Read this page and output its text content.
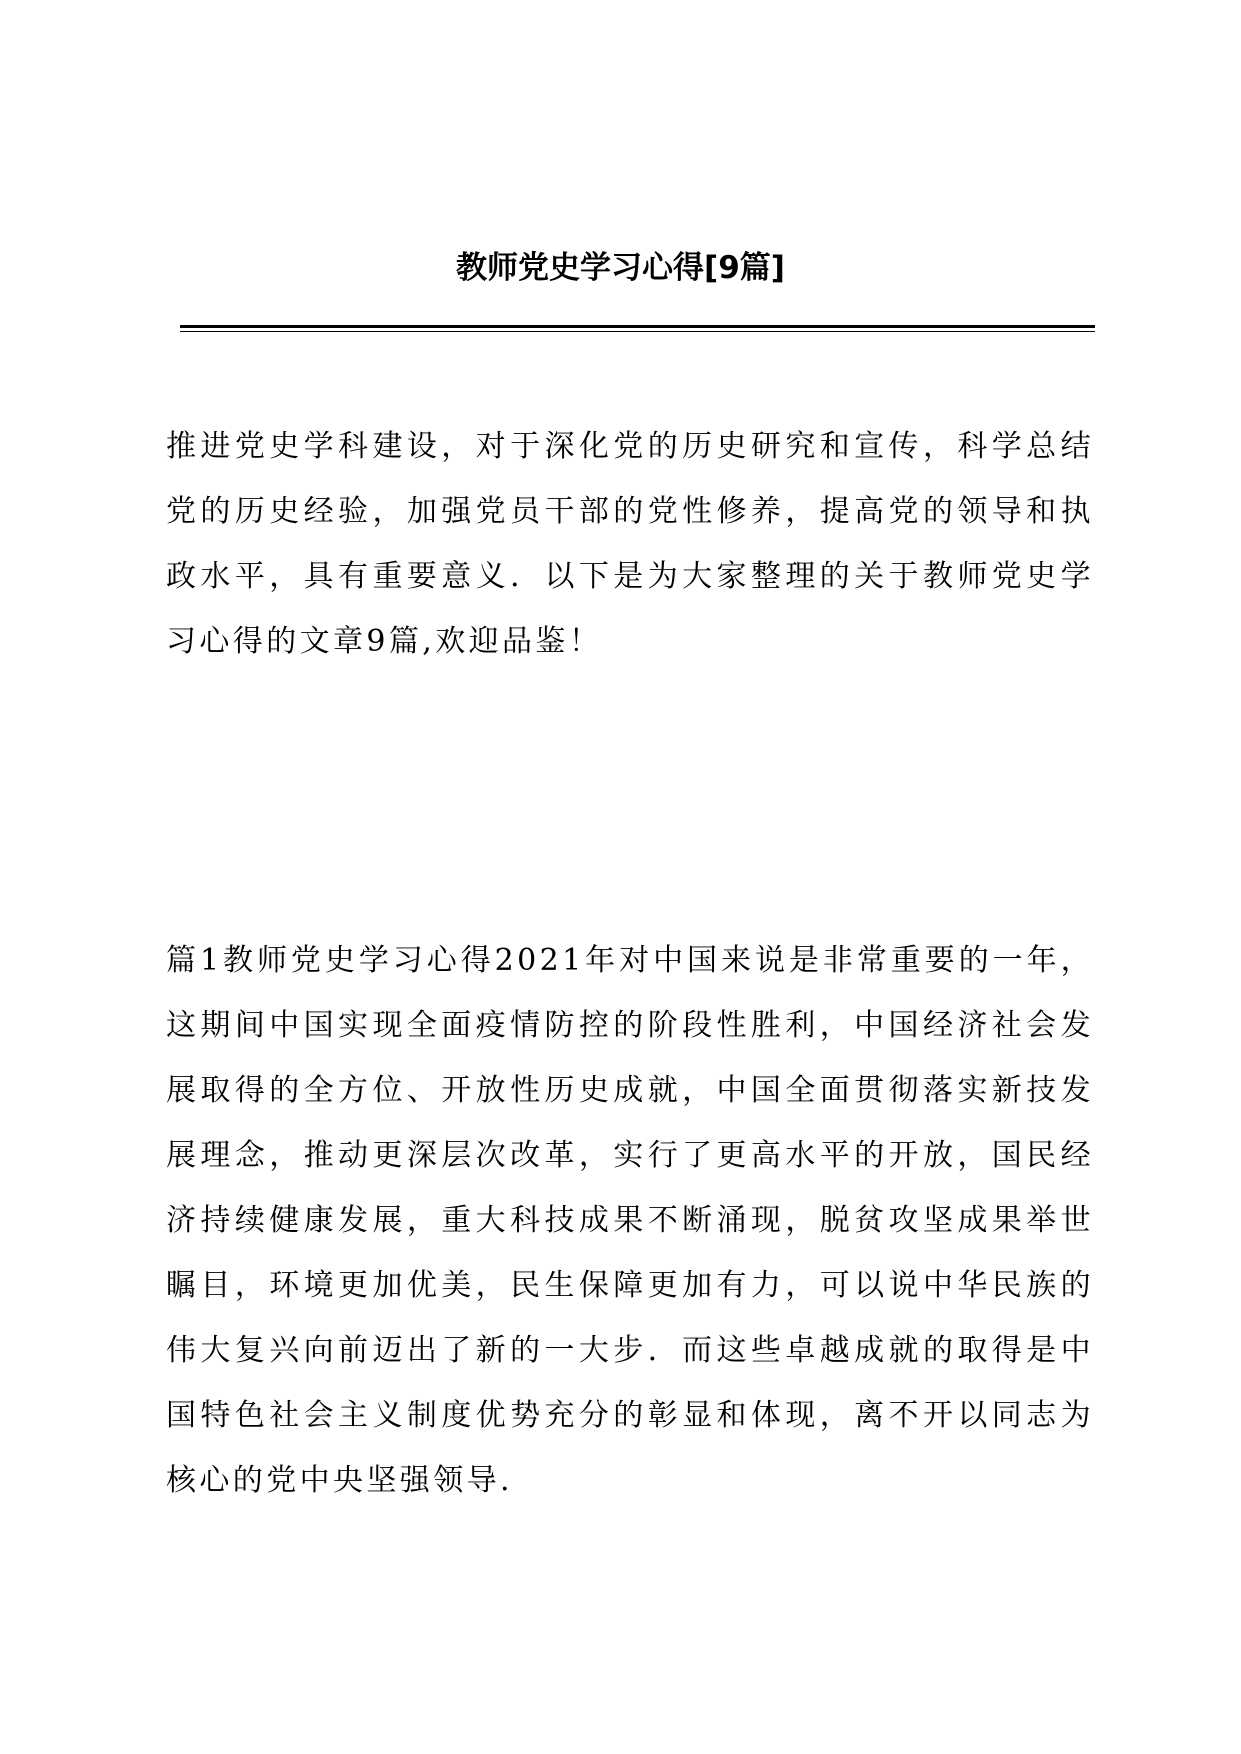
教师党史学习心得[9篇]

推进党史学科建设，对于深化党的历史研究和宣传，科学总结党的历史经验，加强党员干部的党性修养，提高党的领导和执政水平，具有重要意义．以下是为大家整理的关于教师党史学习心得的文章9篇,欢迎品鉴！

篇1教师党史学习心得2021年对中国来说是非常重要的一年，这期间中国实现全面疫情防控的阶段性胜利，中国经济社会发展取得的全方位、开放性历史成就，中国全面贯彻落实新技发展理念，推动更深层次改革，实行了更高水平的开放，国民经济持续健康发展，重大科技成果不断涌现，脱贫攻坚成果举世瞩目，环境更加优美，民生保障更加有力，可以说中华民族的伟大复兴向前迈出了新的一大步．而这些卓越成就的取得是中国特色社会主义制度优势充分的彰显和体现，离不开以同志为核心的党中央坚强领导.
